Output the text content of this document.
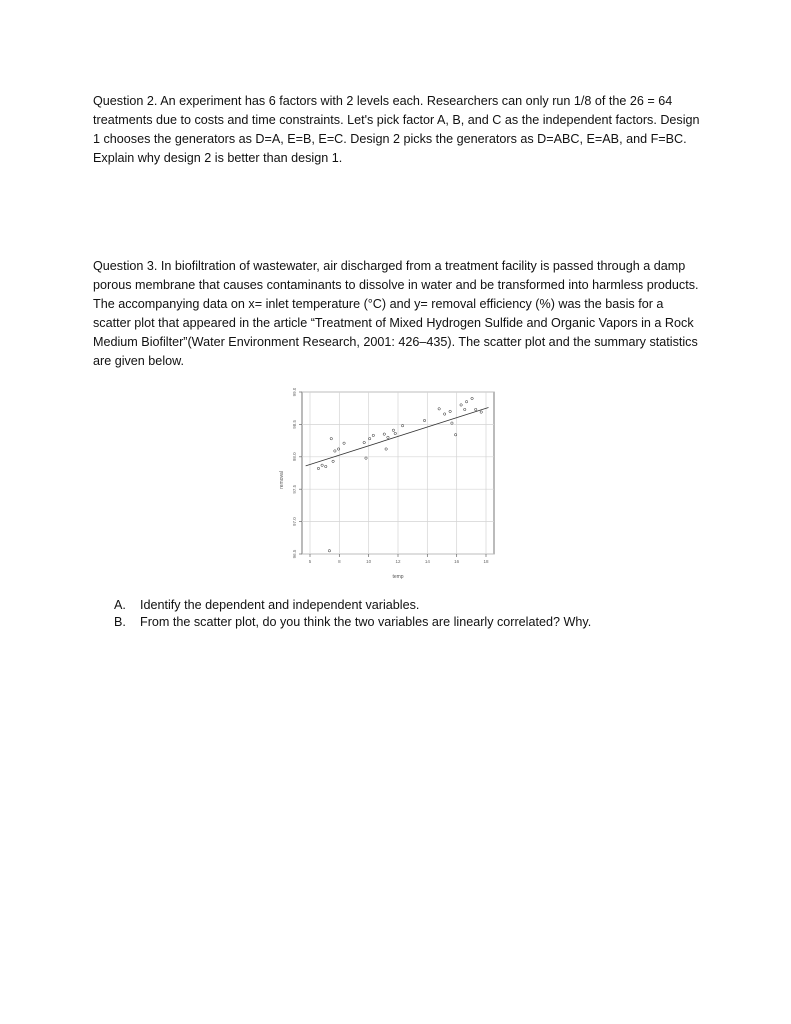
Question 2. An experiment has 6 factors with 2 levels each. Researchers can only run 1/8 of the 26 = 64 treatments due to costs and time constraints. Let's pick factor A, B, and C as the independent factors. Design 1 chooses the generators as D=A, E=B, E=C. Design 2 picks the generators as D=ABC, E=AB, and F=BC. Explain why design 2 is better than design 1.

Question 3. In biofiltration of wastewater, air discharged from a treatment facility is passed through a damp porous membrane that causes contaminants to dissolve in water and be transformed into harmless products. The accompanying data on x= inlet temperature (°C) and y= removal efficiency (%) was the basis for a scatter plot that appeared in the article “Treatment of Mixed Hydrogen Sulfide and Organic Vapors in a Rock Medium Biofilter”(Water Environment Research, 2001: 426–435). The scatter plot and the summary statistics are given below.

5	8	10	12	14	16	18
96.5
97.0
97.5
98.0
98.5
99.0
temp
removal
A.	Identify the dependent and independent variables.
B.	From the scatter plot, do you think the two variables are linearly correlated? Why.
